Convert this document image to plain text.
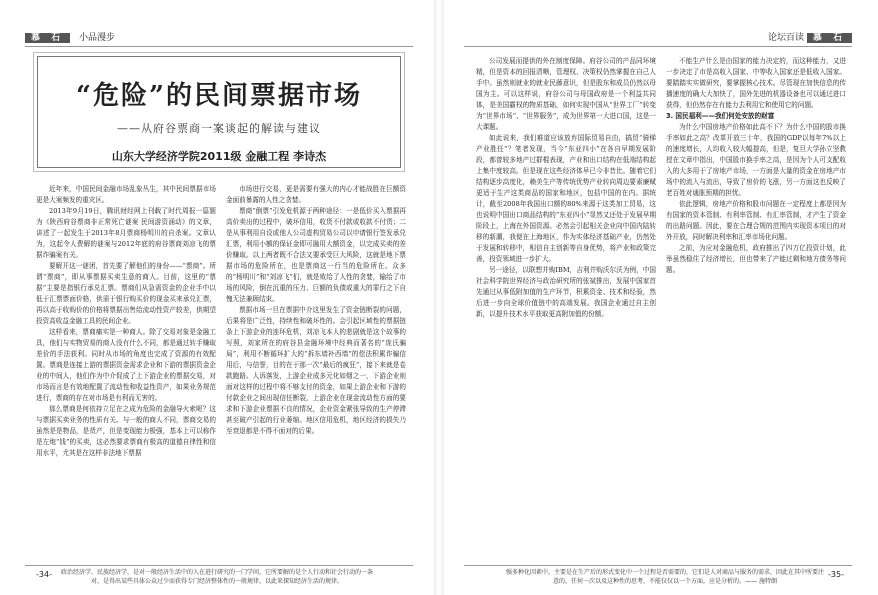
慕 石 小品漫步
“危险”的民间票据市场
——从府谷票商一案谈起的解读与建议
山东大学经济学院2011级 金融工程 李诗杰

近年来，中国民间金融市场乱象丛生，其中民间票据市场更是大案频发的重灾区。

2013年9月19日，腾讯财经网上刊载了时代周报一篇题为《陕西府谷票商非正常死亡谜案 民间游资涌动》的文章，讲述了一起发生于2013年8月票商杨明川的自杀案。文章认为，这起令人费解的谜案与2012年底的府谷票商刘凉飞的票据诈骗案有关。

要解开这一谜团，首先要了解他们的身份——“票商”。所谓“票商”，即从事票据买卖生意的商人。目前，这里的“票据”主要是指银行承兑汇票。票商们从急需资金的企业手中以低于汇票票面价格，供需于银行购买价的现金买来承兑汇票，再以高于收购价的价格将票据出售给流动性资产较差，供期望投资高收益金融工具的民间企业。

这样看来，票商痛实是一种商人。除了交易对象是金融工具，他们与实物贸易的商人没有什么不同，都是通过转手赚取差价的手法获利。同时从市场的角度也完成了资源的有效配置。票商是连接上游的票据资金需求企业和下游的票据资金企业的中间人，他们作为中介促成了上下游企业的票据交易，对市场而言是有效地配置了流动性和收益性资产，如果业务规范进行，票商的存在对市场是有利而无害的。

那么票商是何依持立足在之成为危险的金融导火索呢？这与票据买卖业务的性质有关。与一般的商人不同，票商交易的虽然是是物品，是货产，但是变现能力极强，基本上可以称作是左炮“钱”的买卖，这必然要求票商有极高的道德自律性和信用水平，尤其是在这样非法地下票据

市场进行交易，更是需要有强大的内心才能战胜在巨额资金面前暴露的人性之贪婪。

票商“倒票”引发危机源于两种途径：一是低价买入票据再高价卖出的过程中，破坏信用，收货不付款或收款不付货；二是从事利用自设或他人公司虚构贸易公司以申请银行签发承兑汇票，利用小额的保证金即可融用大额资金，以完成买卖的差价赚取。以上两者既不合法又要承受巨大风险，这就是地下票据市场的危险所在，也是票商这一行当的危险所在。众多的“杨明川”和“刘凉飞”们，就是败给了人性的贪婪，输给了市场的风险，倒在沉重的压力、巨额的负债或重大的罪行之下自愧无法兼顾结束。

票据市场一旦在票据中介这里发生了资金链断裂的问题，后果将是广泛性，持续性和破坏性的。会引起区域性的票据链条上下游企业的连环危机，刘凉飞本人的悲剧就是这个故事的写照，刘家所在的府谷县金融环境中经典而著名的“庞氏骗局”，利用不断循环扩大的“拆东墙补西墙”的偿法积累诈骗信用后，与信誉，目的在于那一次“最后的疯狂”，接下来就是卷款跑路。人诉落发，上游企业成多元化如烟之一，下游企业则面对这样的过程中将不够支付的资金，如果上游企业和下游的付款企业之间出现信任断裂，上游企业在现金流动性方面的要求和下游企业票据不良的情况，企业资金紧张导致的生产停滞甚至破产引起的行业萎缩。地区信用危机，地区经济的损失乃至衰退都是不得不面对的后果。

-34-	政治经济学、民族经济学，是对一般经济生活中的人在进行研究的一门学问，它所要解的是个人行动和社会行动的一条对，是得出某些具体公众过少而获得专门经济整体性的一般规律，以此来探知经济生活的规律。
论坛百读 慕 石

公司发展而提供的外在制度保障。府谷公司的产品同环境精，但是资本的回报清晰，管理权、决策权仍然掌握在自己人手中。虽然则就业的就业民藤意识，但是股东和成员仍然以母国为主。可以这样说，府谷公司与母国政府是一个利益共同体，是美国霸权的物质基础，如何实现中国从“世界工厂”转变为“世界市场”、“世界服务”，成为世界第一大进口国，这是一大课题。

如此说来，我们难道应该放弃国际贸易自由，搞贸“骑梯产业胜任”？笔者发现，当今“东亚四小”在各自早期发展阶段，都曾较多地产过群棍表现，产业和出口结构在低端结构起上集中度较高。但是现在这些经济体早已今非昔比。随着它们结构逐步高度化，赖美生产等传统优势产业转向周边要素廉赋更适于生产这类商品的国家和地区，包括中国的在内。据统计，截至2008年我国出口额的80%来源于这类加工贸易，这也说明中国出口商品结构的“东亚四小”显然又还处于发展早期阶段上，上海在外国资源。必然会引起相关企业向中国内陆转移的新潮，我便在上海地区，作为实体经济基础产业，仍然处于发展和转移中，相信自主创新等自身优势，将产业和政策完善，投资领域进一步扩大。

另一途径，以联想并购IBM，吉利并购沃尔沃为例，中国社会科学院世界经济与政治研究所的张斌推出，发展中国家首先通过从事低附加值的生产环节，积累资金、技术和经验，然后进一步向全球价值链中的高端发展。我国企业通过自主创新，以提升技术水平获取更高附加值的份额。

不能生产什么是由国家的能力决定的，而这种能力，又进一步决定了市是高收入国家、中等收入国家还是低收入国家。要踏踏实实做研究，要掌握核心技术。尽管现在加快信息的传播速度的确大大加快了，国外先进的机器设备也可以通过进口获得，但仍然存在有能力去利用它和使用它的问题。

3. 国民福利——我们何处安放的财富

为什么中国房地产价格如此高不下？为什么中国的股市换手率如此之高？改革开放三十年，我国的GDP以每年7%以上的速度增长，人均收入较大幅提高，但是，复旦大学孙立坚教授在文章中指出，中国股市换手率之高，是因为个人可支配收入的大多用于了房地产市场，一方面是大量的资金在房地产市场中的流入与流出，导致了房价的飞涨，另一方面这也反映了老百姓对通胀预期的担忧。

依此逻辑，房地产价格和股市问题在一定程度上都是因为有国家的资本管制、有利率管制、有汇率管制，才产生了资金的出路问题。因此，要在合理合规的范围内实现资本项目的对外开放，同时解决利率和汇率市场化问题。

之前，为应对金融危机，政府推出了四万亿投资计划，此举虽然稳住了经济增长，但也带来了产能过剩和地方债务等问题。

强多种化因素中，主要是在生产后的形式变化中一个过程是否需要的，它们是人对商品与服务的需求，因此在其中所要注意的，任何一次以及这种性的思考，不能仅仅以一个方面，应是分析的。—— 施特朗
-35-
